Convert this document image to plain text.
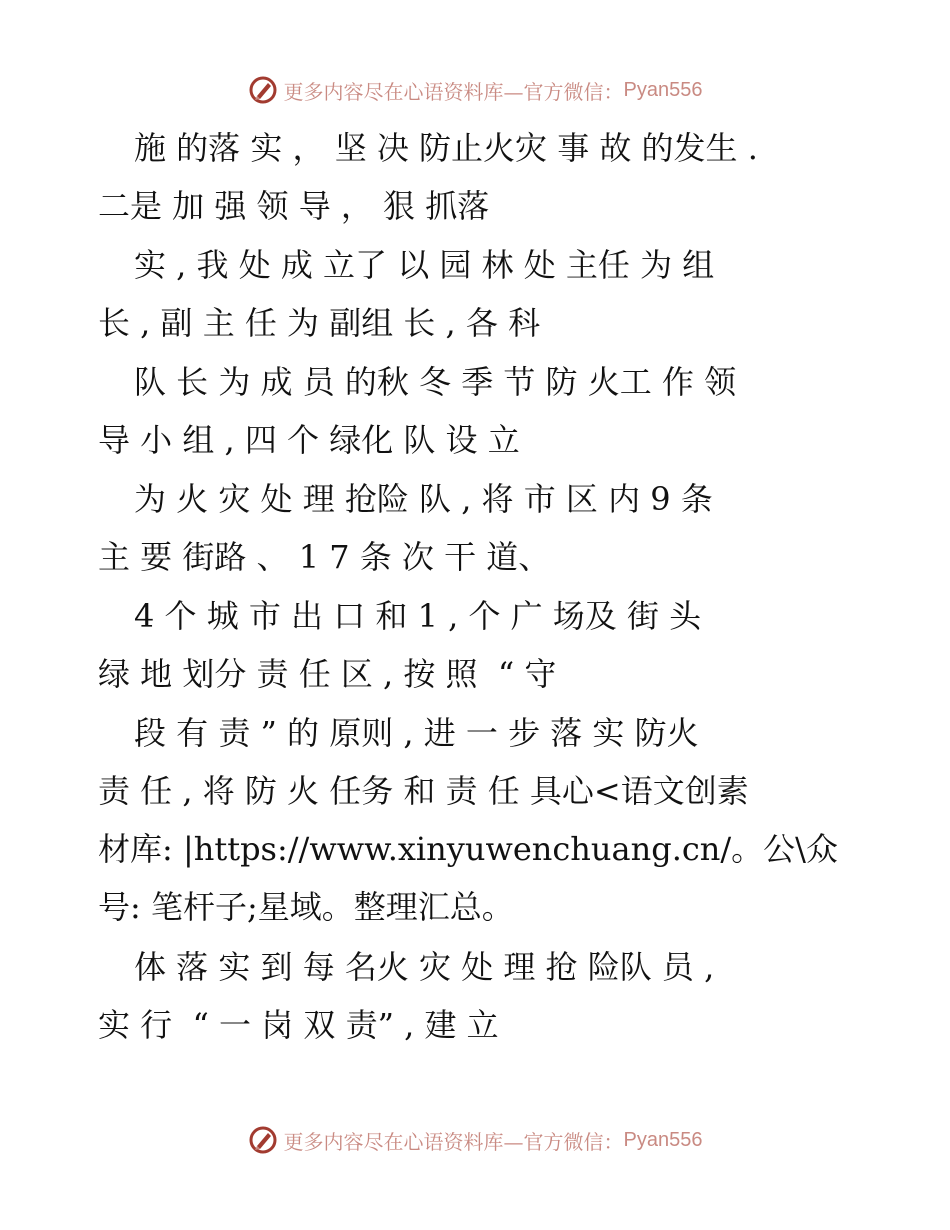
更多内容尽在心语资料库—官方微信： Pyan556
施 的落 实 ， 坚 决 防止火灾 事 故 的发生 .
二是 加 强 领 导 ， 狠 抓落
实 , 我 处 成 立了 以 园 林 处 主任 为 组
长 , 副 主 任 为 副组 长 , 各 科
队 长 为 成 员 的秋 冬 季 节 防 火工 作 领
导 小 组 , 四 个 绿化 队 设 立
为 火 灾 处 理 抢险 队 , 将 市 区 内 9 条
主 要 街路 、 1 7 条 次 干 道、
4 个 城 市 出 口 和 1 , 个 广 场及 街 头
绿 地 划分 责 任 区 , 按 照  “ 守
段 有 责 ” 的 原则 , 进 一 步 落 实 防火
责 任 , 将 防 火 任务 和 责 任 具心<语文创素
材库: |https://www.xinyuwenchuang.cn/。公\众
号: 笔杆子;星域。整理汇总。
体 落 实 到 每 名火 灾 处 理 抢 险队 员 ,
实 行  “ 一 岗 双 责” , 建 立
更多内容尽在心语资料库—官方微信： Pyan556
